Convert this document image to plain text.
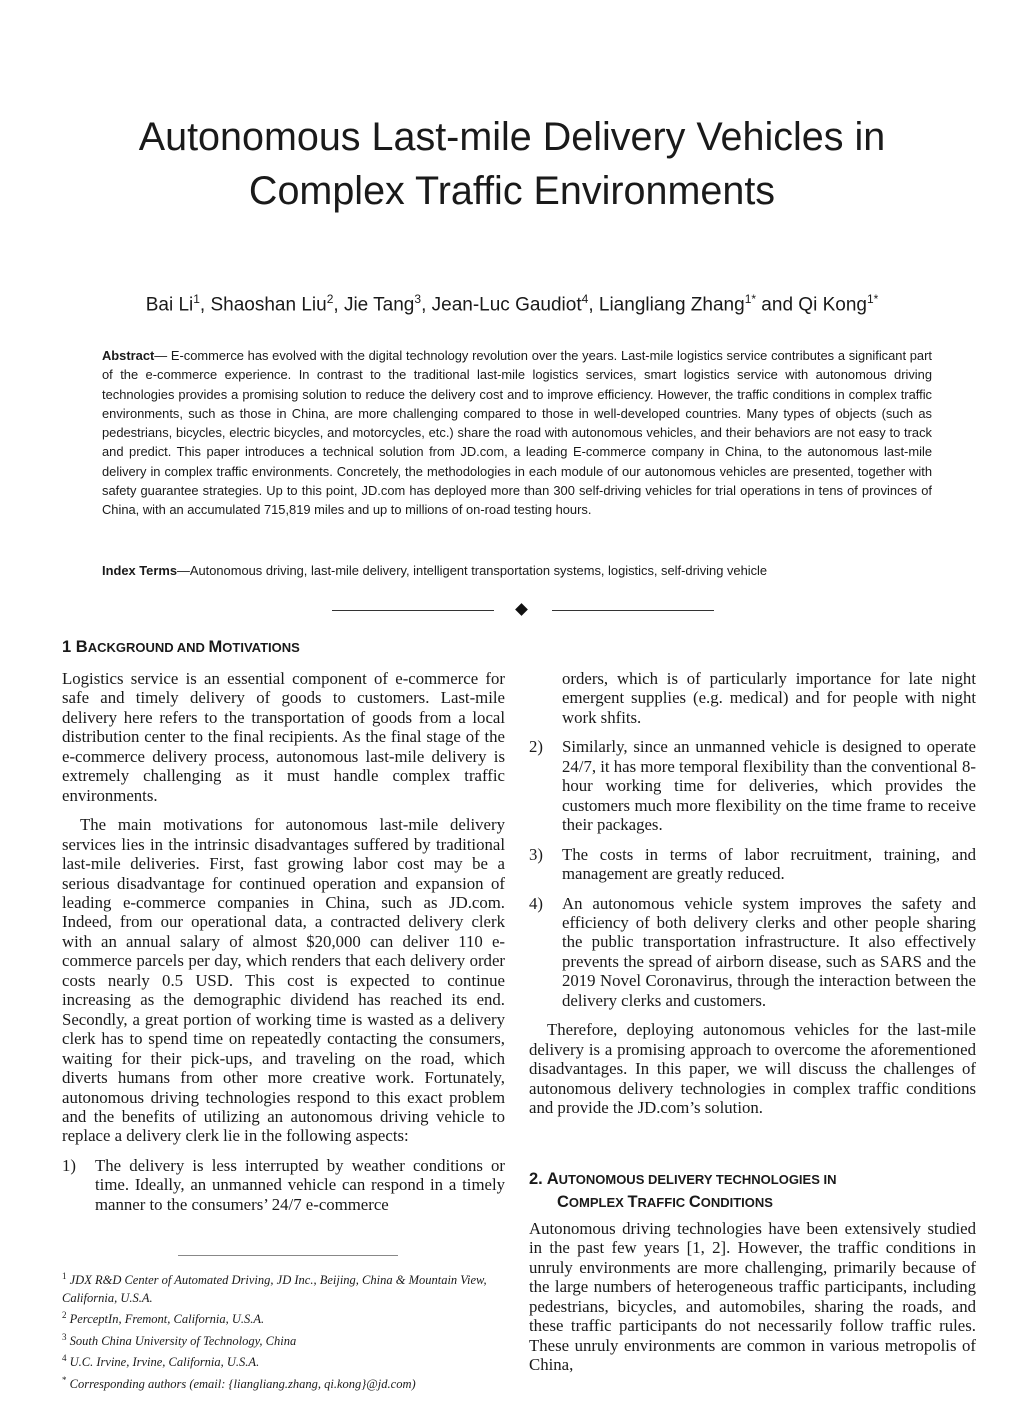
Autonomous Last-mile Delivery Vehicles in
Complex Traffic Environments
Bai Li$^1$, Shaoshan Liu$^2$, Jie Tang$^3$, Jean-Luc Gaudiot$^4$, Liangliang Zhang$^{1*}$ and Qi Kong$^{1*}$

Abstract— E-commerce has evolved with the digital technology revolution over the years. Last-mile logistics service contributes a significant part of the e-commerce experience. In contrast to the traditional last-mile logistics services, smart logistics service with autonomous driving technologies provides a promising solution to reduce the delivery cost and to improve efficiency. However, the traffic conditions in complex traffic environments, such as those in China, are more challenging compared to those in well-developed countries. Many types of objects (such as pedestrians, bicycles, electric bicycles, and motorcycles, etc.) share the road with autonomous vehicles, and their behaviors are not easy to track and predict. This paper introduces a technical solution from JD.com, a leading E-commerce company in China, to the autonomous last-mile delivery in complex traffic environments. Concretely, the methodologies in each module of our autonomous vehicles are presented, together with safety guarantee strategies. Up to this point, JD.com has deployed more than 300 self-driving vehicles for trial operations in tens of provinces of China, with an accumulated 715,819 miles and up to millions of on-road testing hours.

Index Terms—Autonomous driving, last-mile delivery, intelligent transportation systems, logistics, self-driving vehicle

1 BACKGROUND AND MOTIVATIONS

Logistics service is an essential component of e-commerce for safe and timely delivery of goods to customers. Last-mile delivery here refers to the transportation of goods from a local distribution center to the final recipients. As the final stage of the e-commerce delivery process, autonomous last-mile delivery is extremely challenging as it must handle complex traffic environments.

The main motivations for autonomous last-mile delivery services lies in the intrinsic disadvantages suffered by traditional last-mile deliveries. First, fast growing labor cost may be a serious disadvantage for continued operation and expansion of leading e-commerce companies in China, such as JD.com. Indeed, from our operational data, a contracted delivery clerk with an annual salary of almost $20,000 can deliver 110 e-commerce parcels per day, which renders that each delivery order costs nearly 0.5 USD. This cost is expected to continue increasing as the demographic dividend has reached its end. Secondly, a great portion of working time is wasted as a delivery clerk has to spend time on repeatedly contacting the consumers, waiting for their pick-ups, and traveling on the road, which diverts humans from other more creative work. Fortunately, autonomous driving technologies respond to this exact problem and the benefits of utilizing an autonomous driving vehicle to replace a delivery clerk lie in the following aspects:

1) The delivery is less interrupted by weather conditions or time. Ideally, an unmanned vehicle can respond in a timely manner to the consumers’ 24/7 e-commerce
orders, which is of particularly importance for late night emergent supplies (e.g. medical) and for people with night work shfits.
2) Similarly, since an unmanned vehicle is designed to operate 24/7, it has more temporal flexibility than the conventional 8-hour working time for deliveries, which provides the customers much more flexibility on the time frame to receive their packages.
3) The costs in terms of labor recruitment, training, and management are greatly reduced.
4) An autonomous vehicle system improves the safety and efficiency of both delivery clerks and other people sharing the public transportation infrastructure. It also effectively prevents the spread of airborn disease, such as SARS and the 2019 Novel Coronavirus, through the interaction between the delivery clerks and customers.

Therefore, deploying autonomous vehicles for the last-mile delivery is a promising approach to overcome the aforementioned disadvantages. In this paper, we will discuss the challenges of autonomous delivery technologies in complex traffic conditions and provide the JD.com’s solution.

2. AUTONOMOUS DELIVERY TECHNOLOGIES IN
COMPLEX TRAFFIC CONDITIONS

Autonomous driving technologies have been extensively studied in the past few years [1, 2]. However, the traffic conditions in unruly environments are more challenging, primarily because of the large numbers of heterogeneous traffic participants, including pedestrians, bicycles, and automobiles, sharing the roads, and these traffic participants do not necessarily follow traffic rules. These unruly environments are common in various metropolis of China,

$^1$ JDX R&D Center of Automated Driving, JD Inc., Beijing, China & Mountain View, California, U.S.A.
$^2$ PerceptIn, Fremont, California, U.S.A.
$^3$ South China University of Technology, China
$^4$ U.C. Irvine, Irvine, California, U.S.A.
* Corresponding authors (email: {liangliang.zhang, qi.kong}@jd.com)
